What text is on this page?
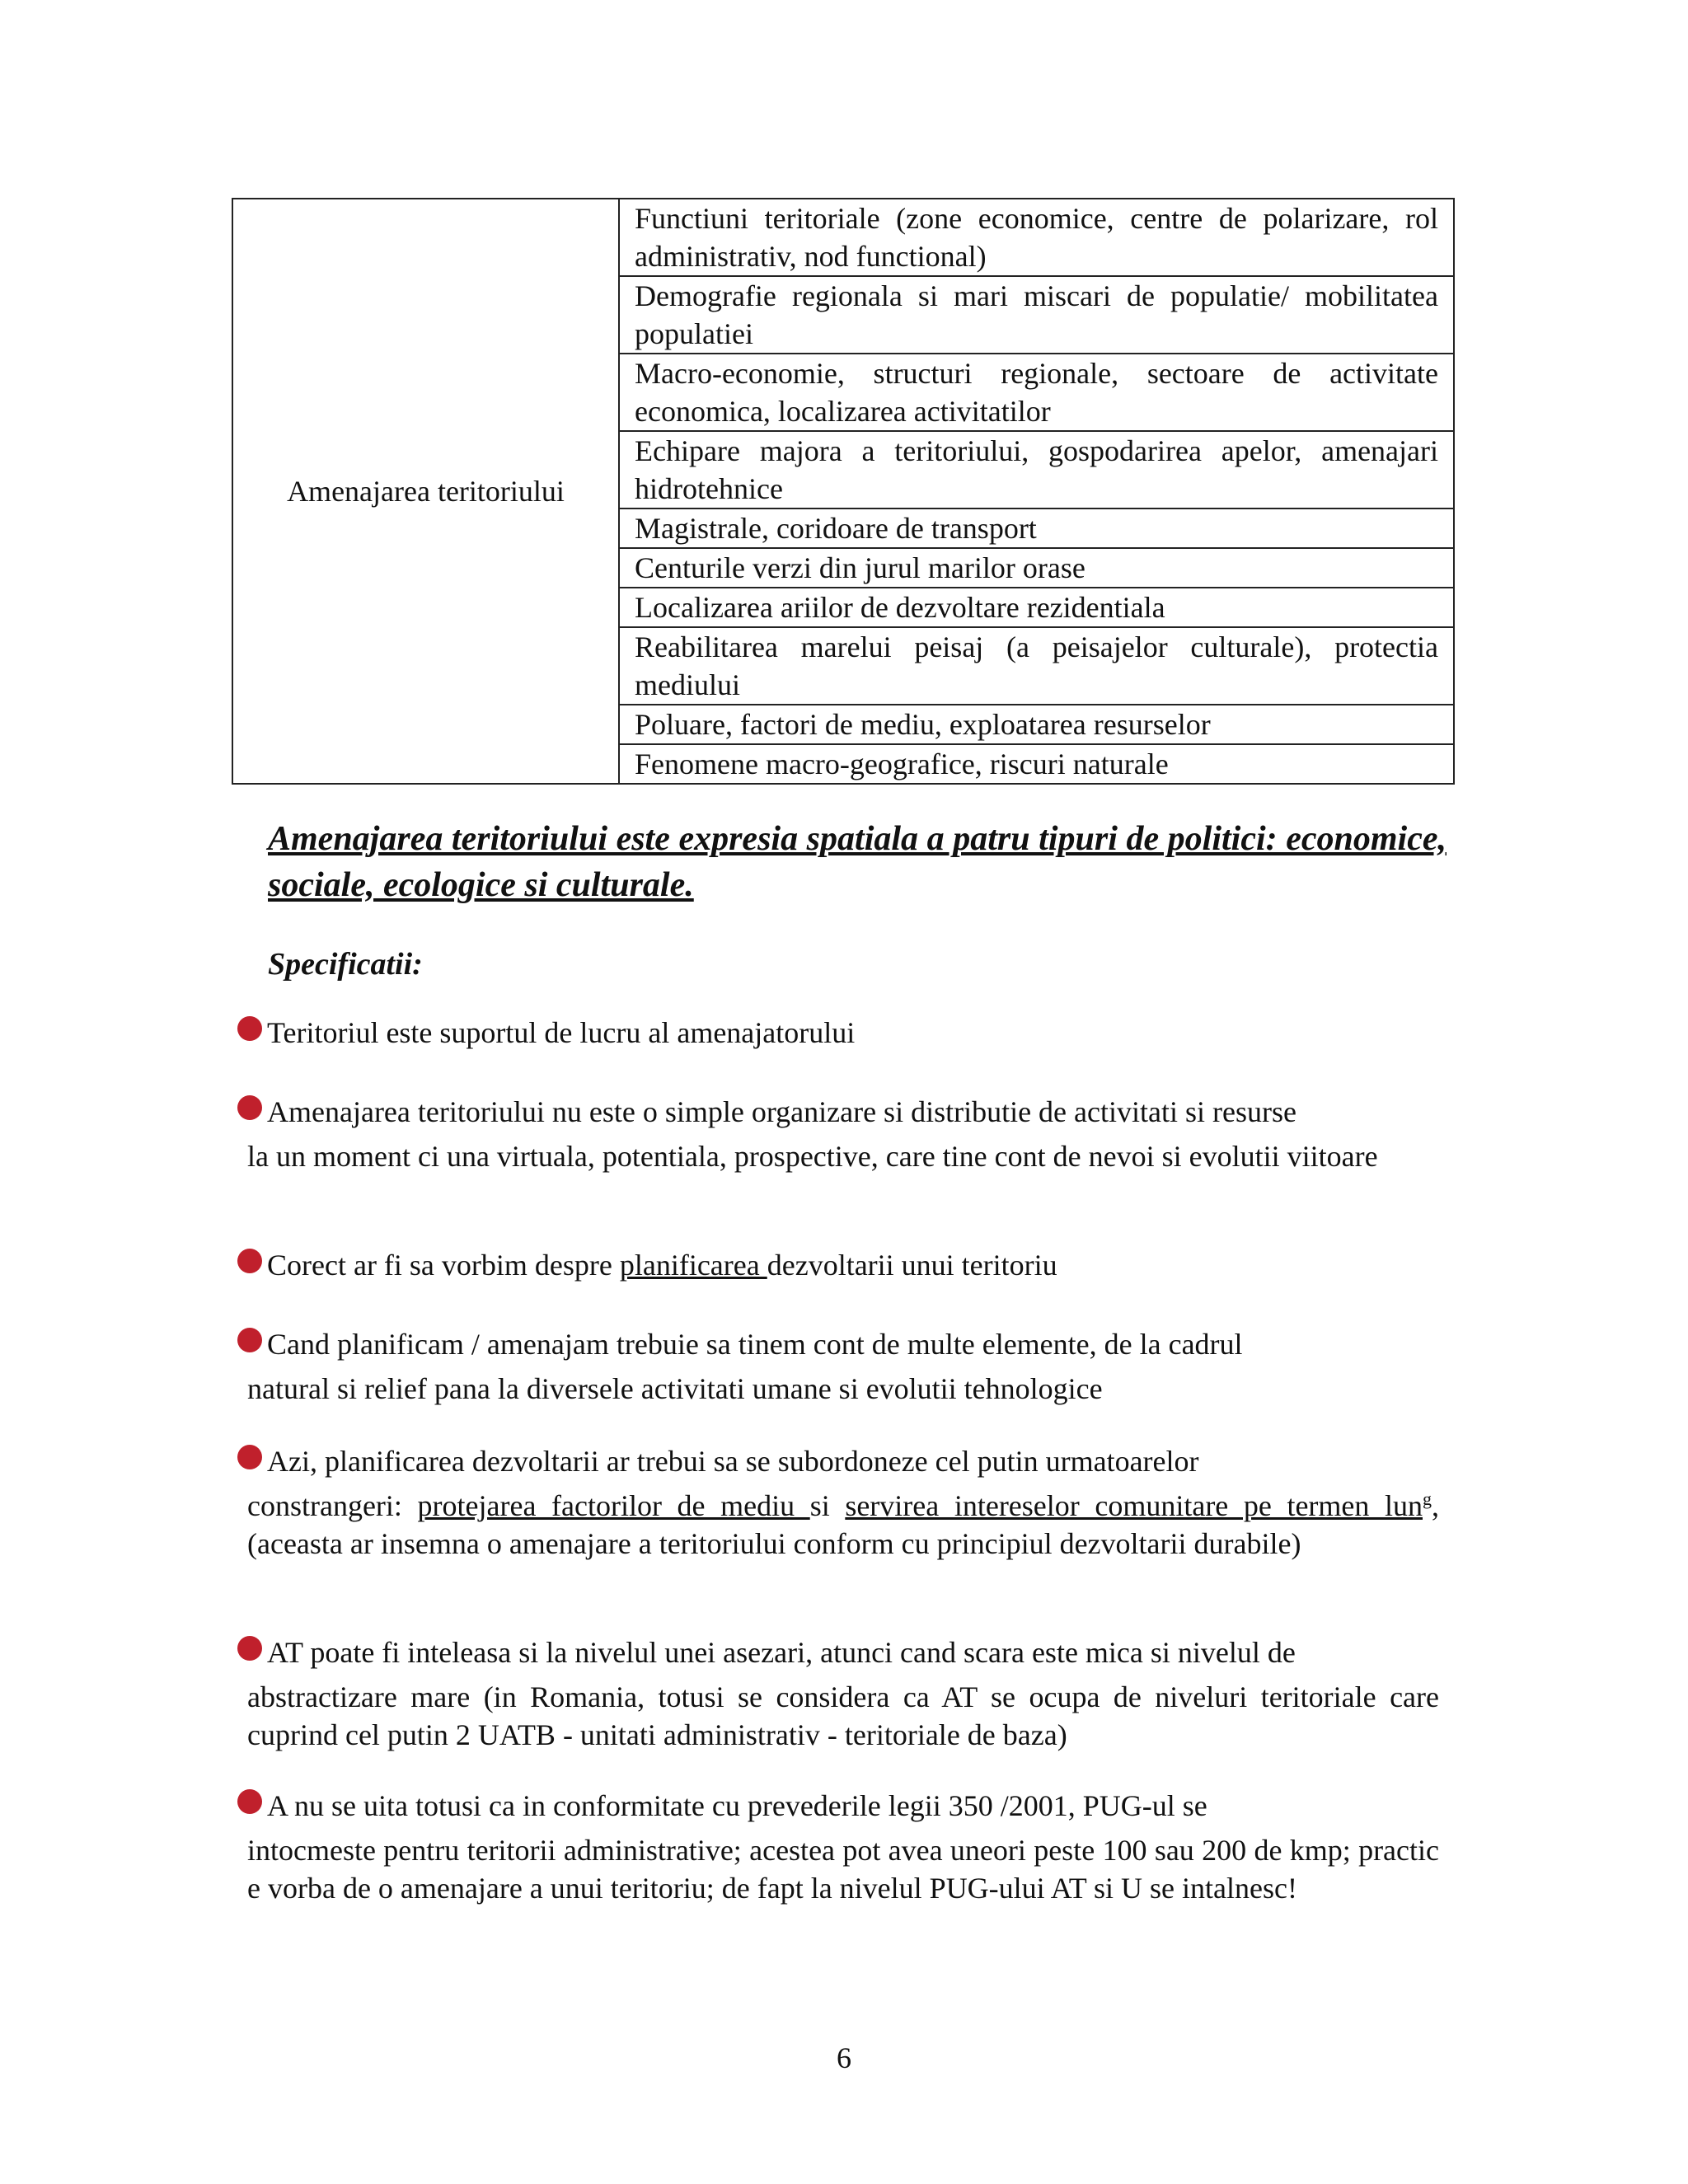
Amenajarea teritoriului	Functiuni teritoriale (zone economice, centre de polarizare, rol administrativ, nod functional)
Demografie regionala si mari miscari de populatie/ mobilitatea populatiei
Macro-economie, structuri regionale, sectoare de activitate economica, localizarea activitatilor
Echipare majora a teritoriului, gospodarirea apelor, amenajari hidrotehnice
Magistrale, coridoare de transport
Centurile verzi din jurul marilor orase
Localizarea ariilor de dezvoltare rezidentiala
Reabilitarea marelui peisaj (a peisajelor culturale), protectia mediului
Poluare, factori de mediu, exploatarea resurselor
Fenomene macro-geografice, riscuri naturale
Amenajarea teritoriului este expresia spatiala a patru tipuri de politici: economice, sociale, ecologice si culturale.
Specificatii:
Teritoriul este suportul de lucru al amenajatorului
Amenajarea teritoriului nu este o simple organizare si distributie de activitati si resurse
la un moment ci una virtuala, potentiala, prospective, care tine cont de nevoi si evolutii viitoare
Corect ar fi sa vorbim despre planificarea dezvoltarii unui teritoriu
Cand planificam / amenajam trebuie sa tinem cont de multe elemente, de la cadrul
natural si relief pana la diversele activitati umane si evolutii tehnologice
Azi, planificarea dezvoltarii ar trebui sa se subordoneze cel putin urmatoarelor
constrangeri: protejarea factorilor de mediu si servirea intereselor comunitare pe termen lun$^g$, (aceasta ar insemna o amenajare a teritoriului conform cu principiul dezvoltarii durabile)
AT poate fi inteleasa si la nivelul unei asezari, atunci cand scara este mica si nivelul de
abstractizare mare (in Romania, totusi se considera ca AT se ocupa de niveluri teritoriale care cuprind cel putin 2 UATB - unitati administrativ - teritoriale de baza)
A nu se uita totusi ca in conformitate cu prevederile legii 350 /2001, PUG-ul se
intocmeste pentru teritorii administrative; acestea pot avea uneori peste 100 sau 200 de kmp; practic e vorba de o amenajare a unui teritoriu; de fapt la nivelul PUG-ului AT si U se intalnesc!
6
